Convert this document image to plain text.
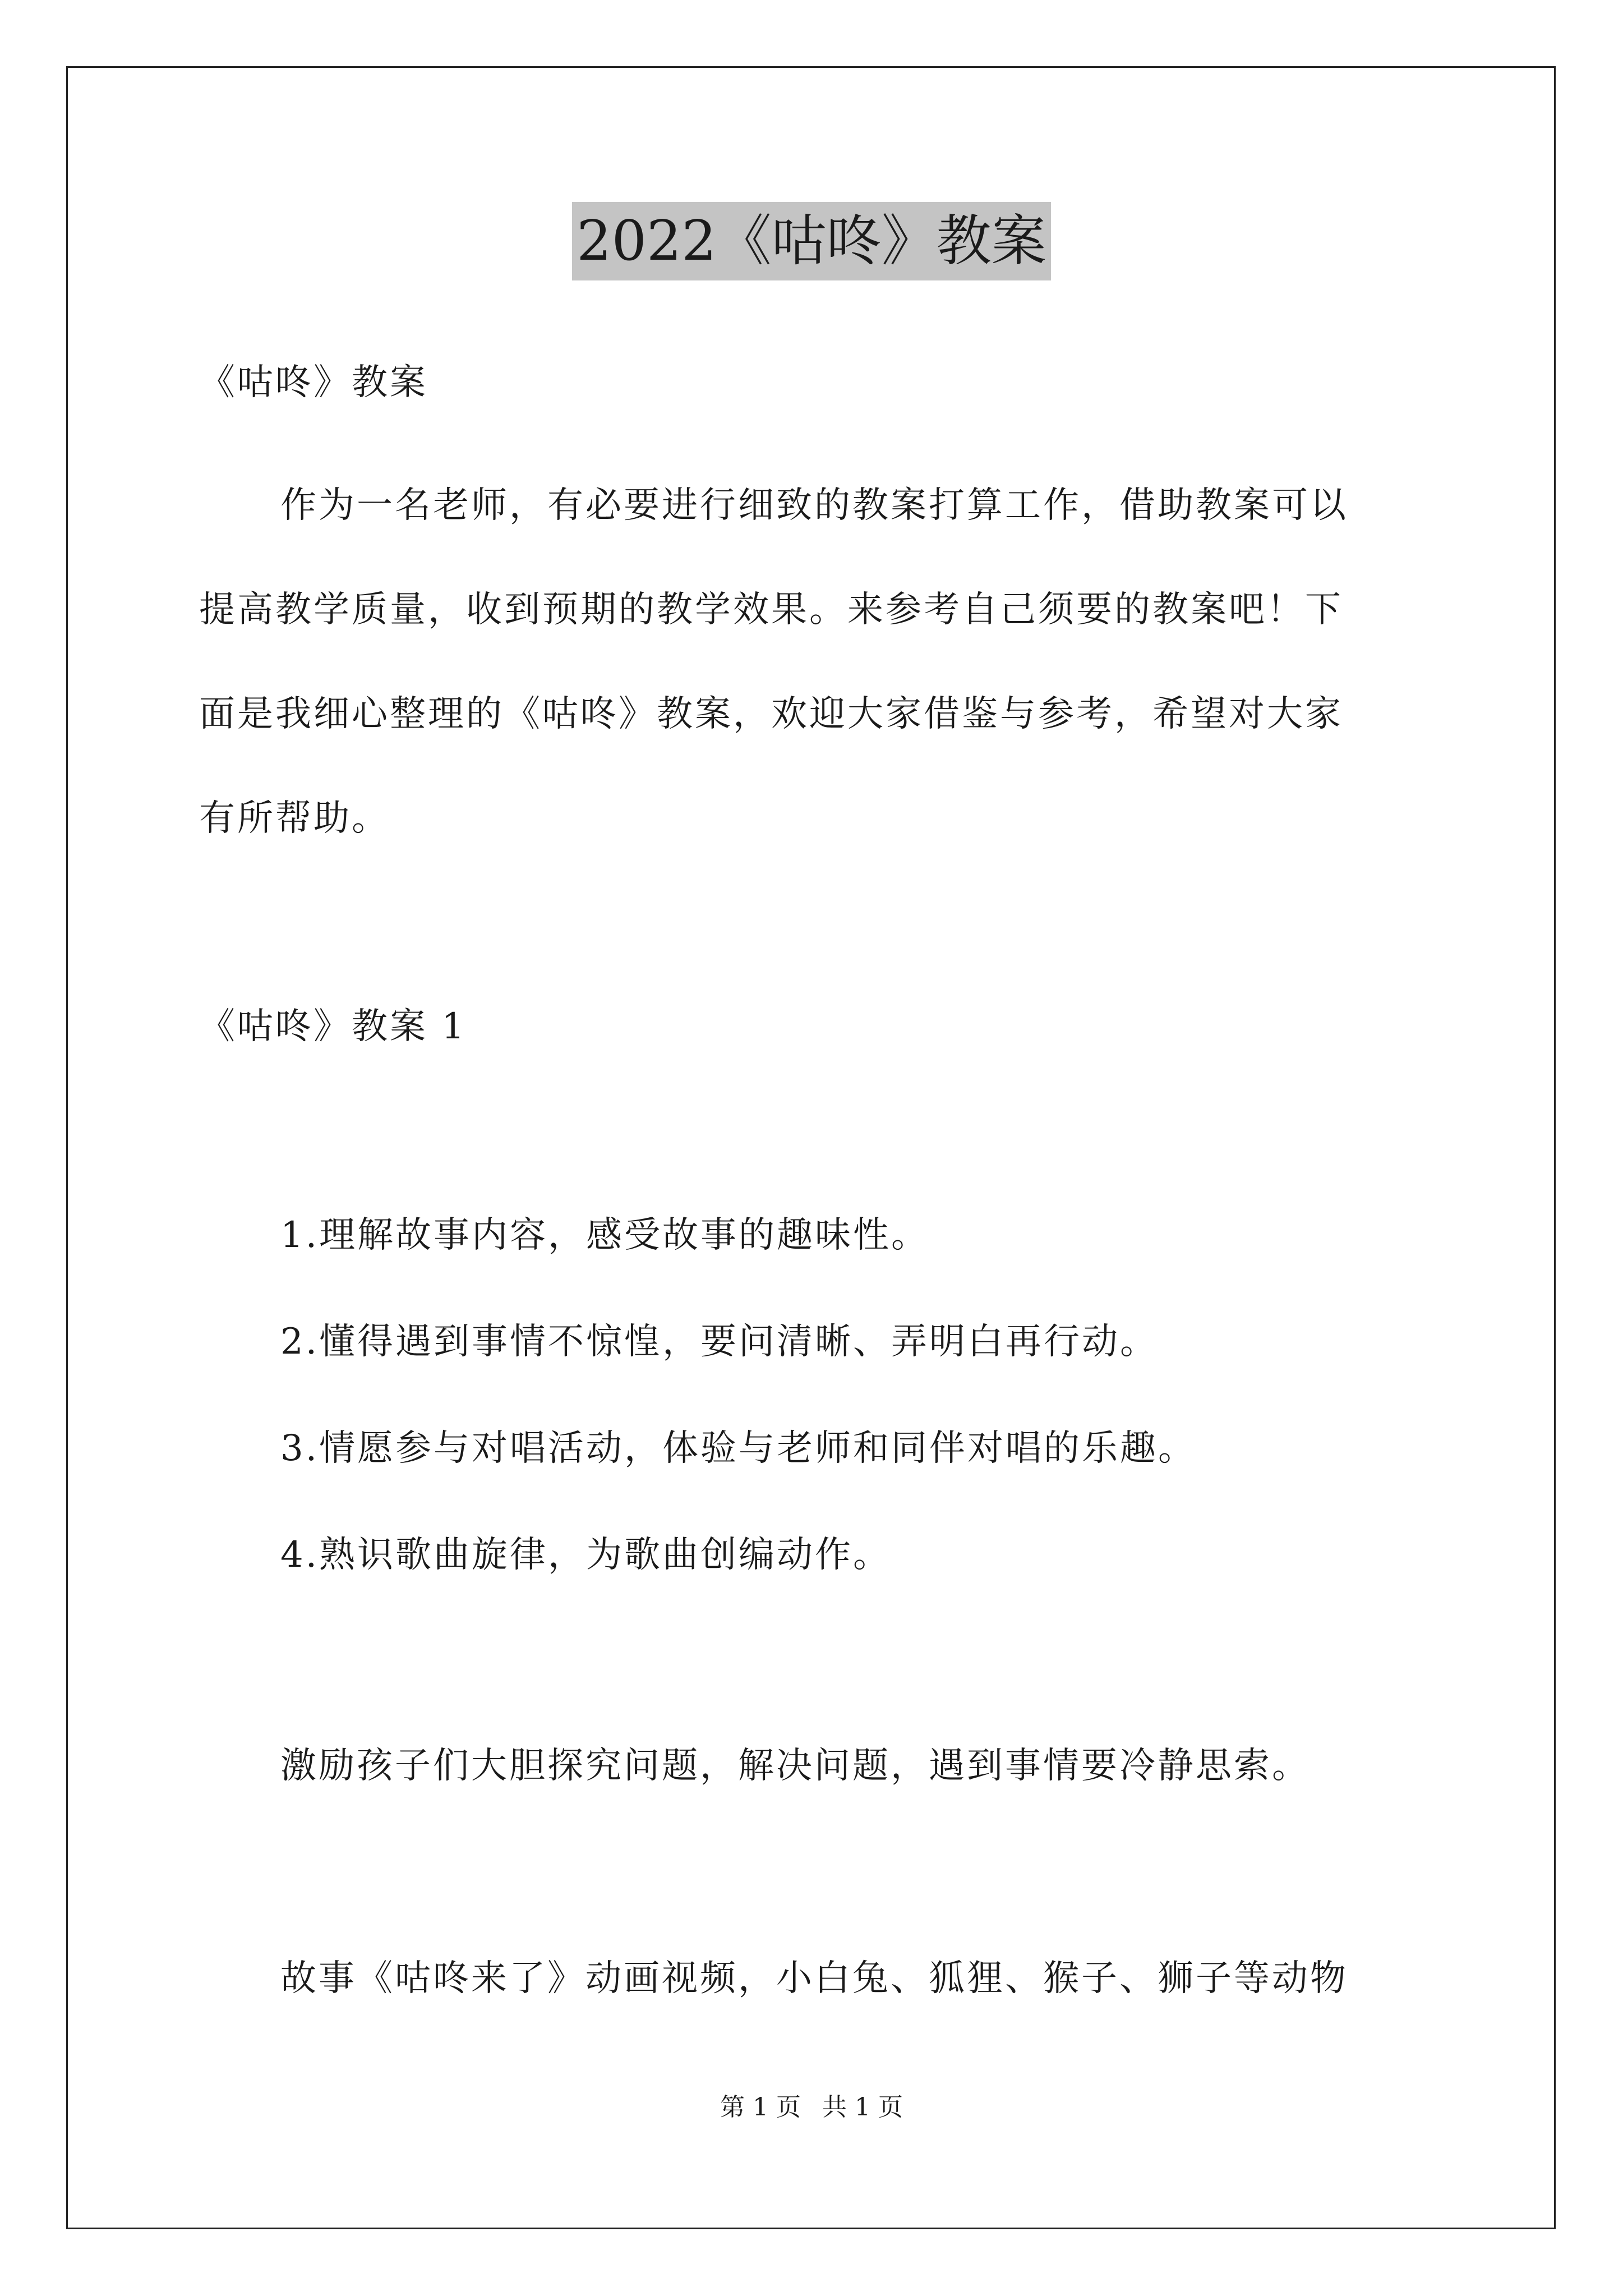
2022《咕咚》教案

《咕咚》教案

作为一名老师，有必要进行细致的教案打算工作，借助教案可以
提高教学质量，收到预期的教学效果。来参考自己须要的教案吧！下
面是我细心整理的《咕咚》教案，欢迎大家借鉴与参考，希望对大家
有所帮助。

《咕咚》教案 1

1.理解故事内容，感受故事的趣味性。

2.懂得遇到事情不惊惶，要问清晰、弄明白再行动。

3.情愿参与对唱活动，体验与老师和同伴对唱的乐趣。

4.熟识歌曲旋律，为歌曲创编动作。

激励孩子们大胆探究问题，解决问题，遇到事情要冷静思索。

故事《咕咚来了》动画视频，小白兔、狐狸、猴子、狮子等动物

第 1 页 共 1 页
